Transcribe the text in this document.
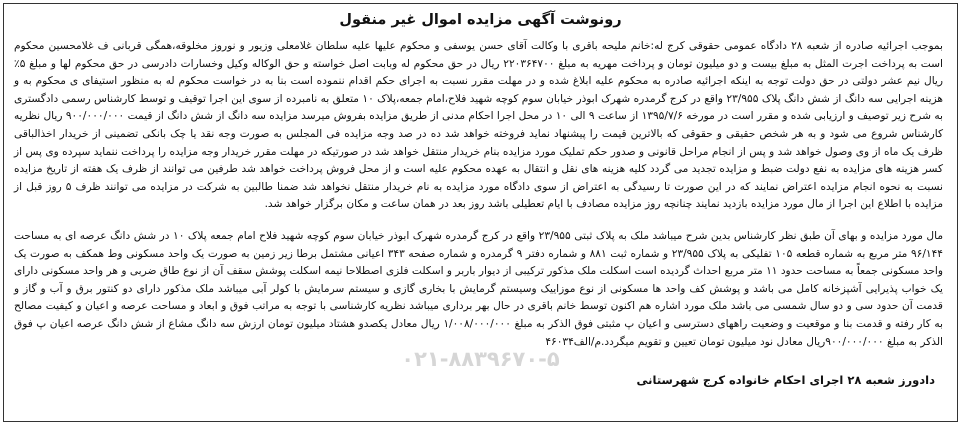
رونوشت آگهی مزایده اموال غیر منقول

بموجب اجرائیه صادره از شعبه ۲۸ دادگاه عمومی حقوقی کرج له:خانم ملیحه باقری با وکالت آقای حسن یوسفی و محکوم علیها علیه سلطان غلامعلی وزیور و نوروز مخلوقه،همگی قربانی ف غلامحسین محکوم است به پرداخت اجرت المثل به مبلغ بیست و دو میلیون تومان و پرداخت مهریه به مبلغ ۲۲۰۳۶۴۷۰۰ ریال در حق محکوم له وبابت اصل خواسته و حق الوکاله وکیل وخسارات دادرسی در حق محکوم لها و مبلغ ۵٪ ریال نیم عشر دولتی در حق دولت توجه به اینکه اجرائیه صادره به محکوم علیه ابلاغ شده و در مهلت مقرر نسبت به اجرای حکم اقدام ننموده است بنا به در خواست محکوم له به منظور استیفای ی محکوم به و هزینه اجرایی سه دانگ از شش دانگ پلاک ۲۳/۹۵۵ واقع در کرج گرمدره شهرک ابوذر خیابان سوم کوچه شهید فلاح،امام جمعه،پلاک ۱۰ متعلق به نامبرده از سوی این اجرا توقیف و توسط کارشناس رسمی دادگستری به شرح زیر توصیف و ارزیابی شده و مقرر است در مورخه ۱۳۹۵/۷/۶ از ساعت ۹ الی ۱۰ در محل اجرا احکام مدنی از طریق مزایده بفروش میرسد مزایده سه دانگ از شش دانگ از قیمت ۹۰۰/۰۰۰/۰۰۰ ریال نظریه کارشناس شروع می شود و به هر شخص حقیقی و حقوقی که بالاترین قیمت را پیشنهاد نماید فروخته خواهد شد ده در صد وجه مزایده فی المجلس به صورت وجه نقد یا چک بانکی تضمینی از خریدار اخذالباقی ظرف یک ماه از وی وصول خواهد شد و پس از انجام مراحل قانونی و صدور حکم تملیک مورد مزایده بنام خریدار منتقل خواهد شد در صورتیکه در مهلت مقرر خریدار وجه مزایده را پرداخت ننماید سپرده وی پس از کسر هزینه های مزایده به نفع دولت ضبط و مزایده تجدید می گردد کلیه هزینه های نقل و انتقال به عهده محکوم علیه است و از محل فروش پرداخت خواهد شد طرفین می توانند از ظرف یک هفته از تاریخ مزایده نسبت به نحوه انجام مزایده اعتراض نمایند که در این صورت تا رسیدگی به اعتراض از سوی دادگاه مورد مزایده به نام خریدار منتقل نخواهد شد ضمنا طالبین به شرکت در مزایده می توانند ظرف ۵ روز قبل از مزایده با اطلاع این اجرا از مال مورد مزایده بازدید نمایند چنانچه روز مزایده مصادف با ایام تعطیلی باشد روز بعد در همان ساعت و مکان برگزار خواهد شد.

مال مورد مزایده و بهای آن طبق نظر کارشناس بدین شرح میباشد ملک به پلاک ثبتی ۲۳/۹۵۵ واقع در کرج گرمدره شهرک ابوذر خیابان سوم کوچه شهید فلاح امام جمعه پلاک ۱۰ در شش دانگ عرصه ای به مساحت ۹۶/۱۴۴ متر مربع به شماره قطعه ۱۰۵ تفلیکی به پلاک ۲۳/۹۵۵ و شماره ثبت ۸۸۱ و شماره دفتر ۹ گرمدره و شماره صفحه ۳۴۳ اعیانی مشتمل برطا زیر زمین به صورت یک واحد مسکونی وط همکف به صورت یک واحد مسکونی جمعاً به مساحت حدود ۱۱ متر مربع احداث گردیده است اسکلت ملک مذکور ترکیبی از دیوار باربر و اسکلت فلزی اصطلاحا نیمه اسکلت پوشش سقف آن از نوع طاق ضربی و هر واحد مسکونی دارای یک خواب پذیرایی آشپزخانه کامل می باشد و پوشش کف واحد ها مسکونی از نوع موزاییک وسیستم گرمایش با بخاری گازی و سیستم سرمایش با کولر آبی میباشد ملک مذکور دارای دو کنتور برق و آب و گاز و قدمت آن حدود سی و دو سال شمسی می باشد ملک مورد اشاره هم اکنون توسط خانم باقری در حال بهر برداری میباشد نظریه کارشناسی با توجه به مراتب فوق و ابعاد و مساحت عرصه و اعیان و کیفیت مصالح به کار رفته و قدمت بنا و موقعیت و وضعیت راههای دسترسی و اعیان پ مثبتی فوق الذکر به مبلغ ۱/۰۰۸/۰۰۰/۰۰۰ ریال معادل یکصدو هشتاد میلیون تومان ارزش سه دانگ مشاع از شش دانگ عرصه اعیان پ فوق الذکر به مبلغ ۹۰۰/۰۰۰/۰۰۰ریال معادل نود میلیون تومان تعیین و تقویم میگردد.م/الف۴۶۰۳۴

۰۲۱-۸۸۳۹۶۷۰-۵
دادورز شعبه ۲۸ اجرای احکام خانواده کرج شهرستانی
